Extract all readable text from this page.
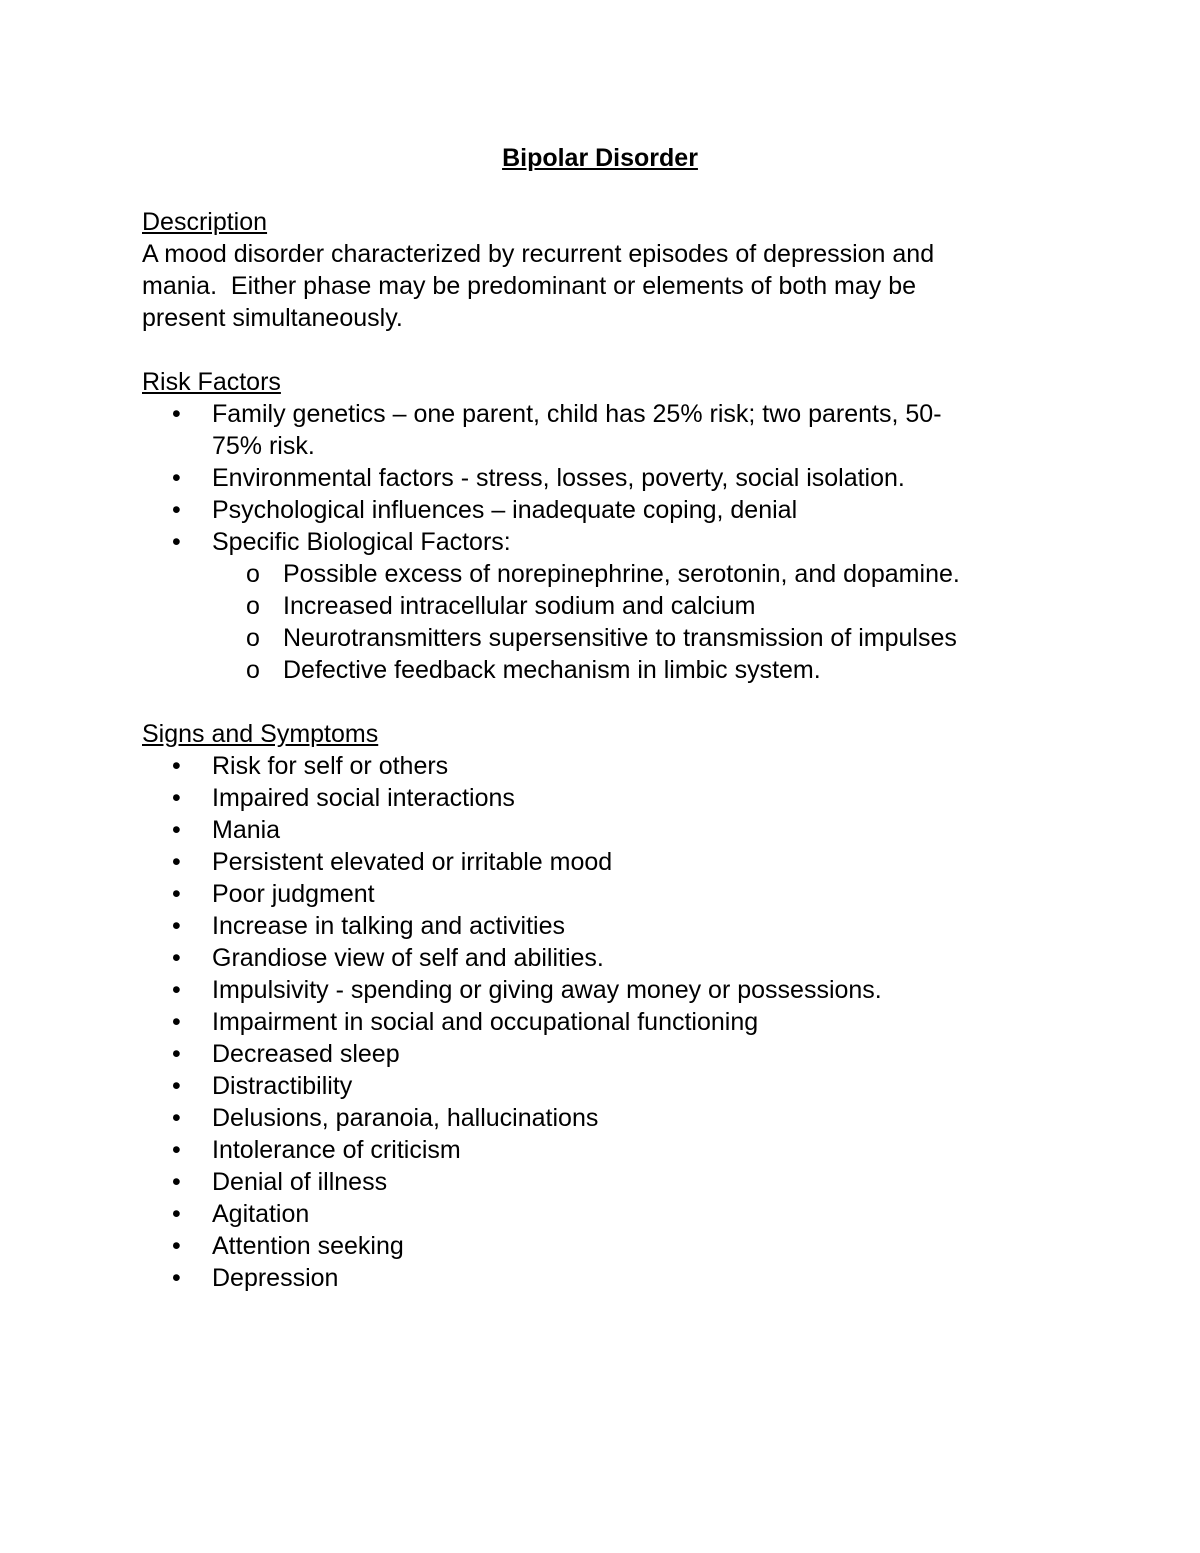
Bipolar Disorder

Description

A mood disorder characterized by recurrent episodes of depression and

mania.  Either phase may be predominant or elements of both may be

present simultaneously.

Risk Factors

• Family genetics – one parent, child has 25% risk; two parents, 50-
75% risk.
• Environmental factors - stress, losses, poverty, social isolation.
• Psychological influences – inadequate coping, denial
• Specific Biological Factors:
o Possible excess of norepinephrine, serotonin, and dopamine.
o Increased intracellular sodium and calcium
o Neurotransmitters supersensitive to transmission of impulses
o Defective feedback mechanism in limbic system.

Signs and Symptoms

• Risk for self or others
• Impaired social interactions
• Mania
• Persistent elevated or irritable mood
• Poor judgment
• Increase in talking and activities
• Grandiose view of self and abilities.
• Impulsivity - spending or giving away money or possessions.
• Impairment in social and occupational functioning
• Decreased sleep
• Distractibility
• Delusions, paranoia, hallucinations
• Intolerance of criticism
• Denial of illness
• Agitation
• Attention seeking
• Depression
